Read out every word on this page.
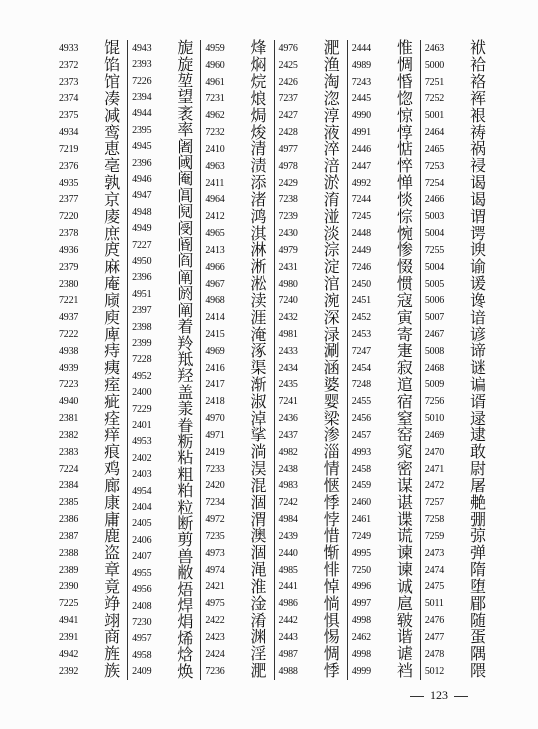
4933	馄
2372	馅
2373	馆
2374	凑
2375	减
4934	鸾
7219	恵
2376	亳
4935	孰
2377	京
7220	庱
2378	庶
4936	庹
2379	麻
2380	庵
7221	庼
4937	庾
7222	庳
4938	痔
4939	痍
7223	痓
4940	疵
2381	痊
2382	痒
2383	痕
7224	鸡
2384	廊
2385	康
2386	庸
2387	鹿
2388	盗
2389	章
2390	竟
7225	竫
4941	翊
2391	商
4942	旌
2392	族
4943	旎
2393	旋
7226	堃
2394	望
4944	袤
2395	率
4945	阇
2396	阈
4946	阉
4947	阊
4948	阋
4949	阌
7227	阍
4950	阎
2396	阐
4951	阏
2397	阐
2398	着
2399	羚
7228	羝
4952	羟
2400	盖
7229	羕
2401	眷
4953	粝
2402	粘
2403	粗
4954	粕
2404	粒
2405	断
2406	剪
2407	兽
4955	敝
4956	焐
2408	焊
7230	焆
4957	烯
4958	焓
2409	焕
4959	烽
4960	焖
4961	烷
7231	烺
4962	焗
7232	焌
2410	清
4963	渍
2411	添
4964	渚
2412	鸿
4965	淇
2413	淋
4966	淅
4967	淞
4968	渎
2414	涯
2415	淹
4969	涿
2416	渠
2417	渐
2418	淑
4970	淖
4971	挲
2419	淌
7233	淏
2420	混
7234	涸
4972	渭
7235	澳
4973	涸
4974	渑
2421	淮
4975	淦
2422	淆
2423	渊
2424	淫
7236	淝
4976	淝
2425	渔
2426	淘
7237	淴
2427	淳
2428	液
4977	淬
4978	涪
2429	淤
7238	淯
7239	湴
2430	淡
4979	淙
2431	淀
4980	涫
7240	涴
2432	深
4981	渌
2433	涮
2434	涵
2435	婆
7241	婴
2436	梁
2437	渗
4982	淄
2438	情
4983	惬
7242	悸
4984	悖
2439	惜
2440	惭
4985	悱
2441	悼
4986	惝
2442	惧
2443	惕
4987	惆
4988	悸
2444	惟
4989	惆
7243	惛
2445	惚
4990	惊
4991	惇
2446	惦
2447	悴
4992	惮
7244	惔
7245	悰
2448	惋
2449	惨
7246	惙
2450	惯
2451	寇
2452	寅
2453	寄
7247	寁
2454	寂
7248	逭
2455	宿
2456	窒
2457	窑
4993	窕
2458	密
2459	谋
2460	谌
2461	谍
7249	谎
4995	谏
7250	谏
4996	诚
4997	扈
4998	皲
2462	谐
4998	谑
4999	裆
2463	袱
5000	袷
7251	袼
7252	裈
5001	裉
2464	祷
2465	祸
7253	祲
7254	谒
2466	谒
5003	谓
5004	谔
7255	谀
5004	谕
5005	谖
5006	谗
5007	谙
2467	谚
5008	谛
2468	谜
5009	谝
7256	谞
5010	逯
2469	逮
2470	敢
2471	尉
2472	屠
7257	艴
7258	弸
7259	弶
2473	弹
2474	隋
2475	堕
5011	郿
2476	随
2477	蛋
2478	隅
5012	隈
123
